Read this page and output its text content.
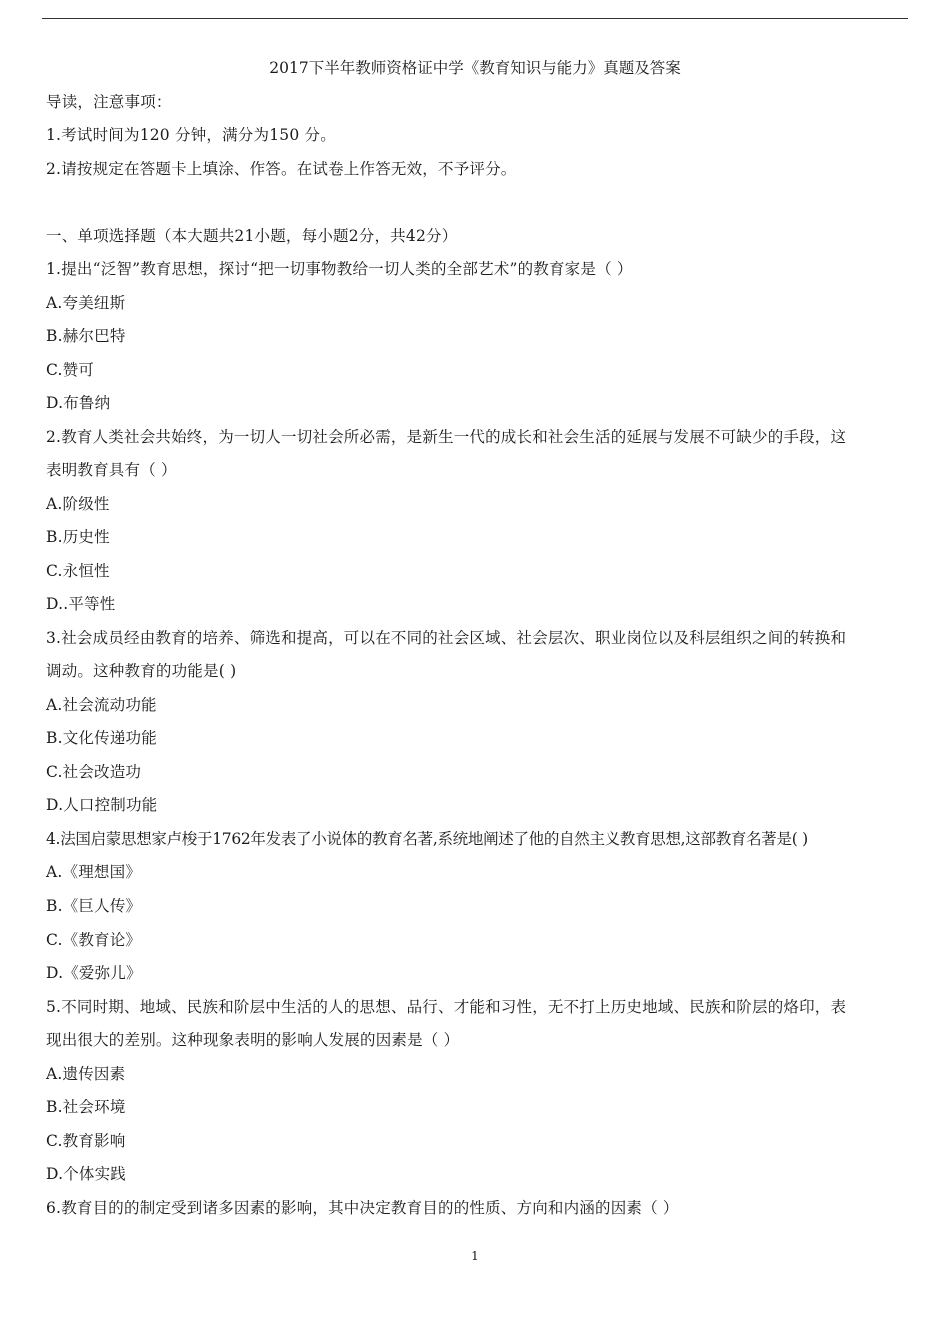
2017下半年教师资格证中学《教育知识与能力》真题及答案
导读，注意事项：
1.考试时间为120 分钟，满分为150 分。
2.请按规定在答题卡上填涂、作答。在试卷上作答无效，不予评分。
一、单项选择题（本大题共21小题，每小题2分，共42分）
1.提出“泛智”教育思想，探讨“把一切事物教给一切人类的全部艺术”的教育家是（ ）
A.夸美纽斯
B.赫尔巴特
C.赞可
D.布鲁纳
2.教育人类社会共始终，为一切人一切社会所必需，是新生一代的成长和社会生活的延展与发展不可缺少的手段，这
表明教育具有（ ）
A.阶级性
B.历史性
C.永恒性
D..平等性
3.社会成员经由教育的培养、筛选和提高，可以在不同的社会区域、社会层次、职业岗位以及科层组织之间的转换和
调动。这种教育的功能是( )
A.社会流动功能
B.文化传递功能
C.社会改造功
D.人口控制功能
4.法国启蒙思想家卢梭于1762年发表了小说体的教育名著,系统地阐述了他的自然主义教育思想,这部教育名著是( )
A.《理想国》
B.《巨人传》
C.《教育论》
D.《爱弥儿》
5.不同时期、地域、民族和阶层中生活的人的思想、品行、才能和习性，无不打上历史地域、民族和阶层的烙印，表
现出很大的差别。这种现象表明的影响人发展的因素是（ ）
A.遗传因素
B.社会环境
C.教育影响
D.个体实践
6.教育目的的制定受到诸多因素的影响，其中决定教育目的的性质、方向和内涵的因素（ ）
1
